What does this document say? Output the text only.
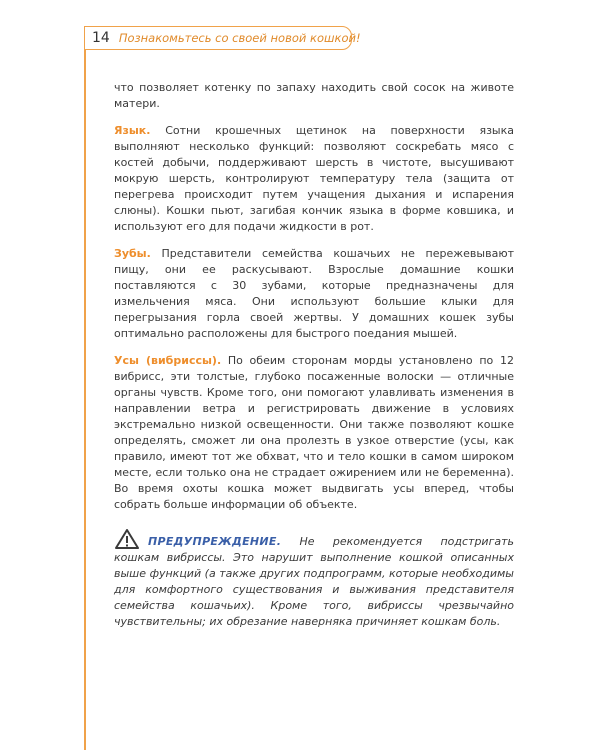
14 Познакомьтесь со своей новой кошкой!

что позволяет котенку по запаху находить свой сосок на животе матери.

Язык. Сотни крошечных щетинок на поверхности языка выполняют несколько функций: позволяют соскребать мясо с костей добычи, поддерживают шерсть в чистоте, высушивают мокрую шерсть, контролируют температуру тела (защита от перегрева происходит путем учащения дыхания и испарения слюны). Кошки пьют, загибая кончик языка в форме ковшика, и используют его для подачи жидкости в рот.

Зубы. Представители семейства кошачьих не пережевывают пищу, они ее раскусывают. Взрослые домашние кошки поставляются с 30 зубами, которые предназначены для измельчения мяса. Они используют большие клыки для перегрызания горла своей жертвы. У домашних кошек зубы оптимально расположены для быстрого поедания мышей.

Усы (вибриссы). По обеим сторонам морды установлено по 12 вибрисс, эти толстые, глубоко посаженные волоски — отличные органы чувств. Кроме того, они помогают улавливать изменения в направлении ветра и регистрировать движение в условиях экстремально низкой освещенности. Они также позволяют кошке определять, сможет ли она пролезть в узкое отверстие (усы, как правило, имеют тот же обхват, что и тело кошки в самом широком месте, если только она не страдает ожирением или не беременна). Во время охоты кошка может выдвигать усы вперед, чтобы собрать больше информации об объекте.

ПРЕДУПРЕЖДЕНИЕ. Не рекомендуется подстригать кошкам вибриссы. Это нарушит выполнение кошкой описанных выше функций (а также других подпрограмм, которые необходимы для комфортного существования и выживания представителя семейства кошачьих). Кроме того, вибриссы чрезвычайно чувствительны; их обрезание наверняка причиняет кошкам боль.
